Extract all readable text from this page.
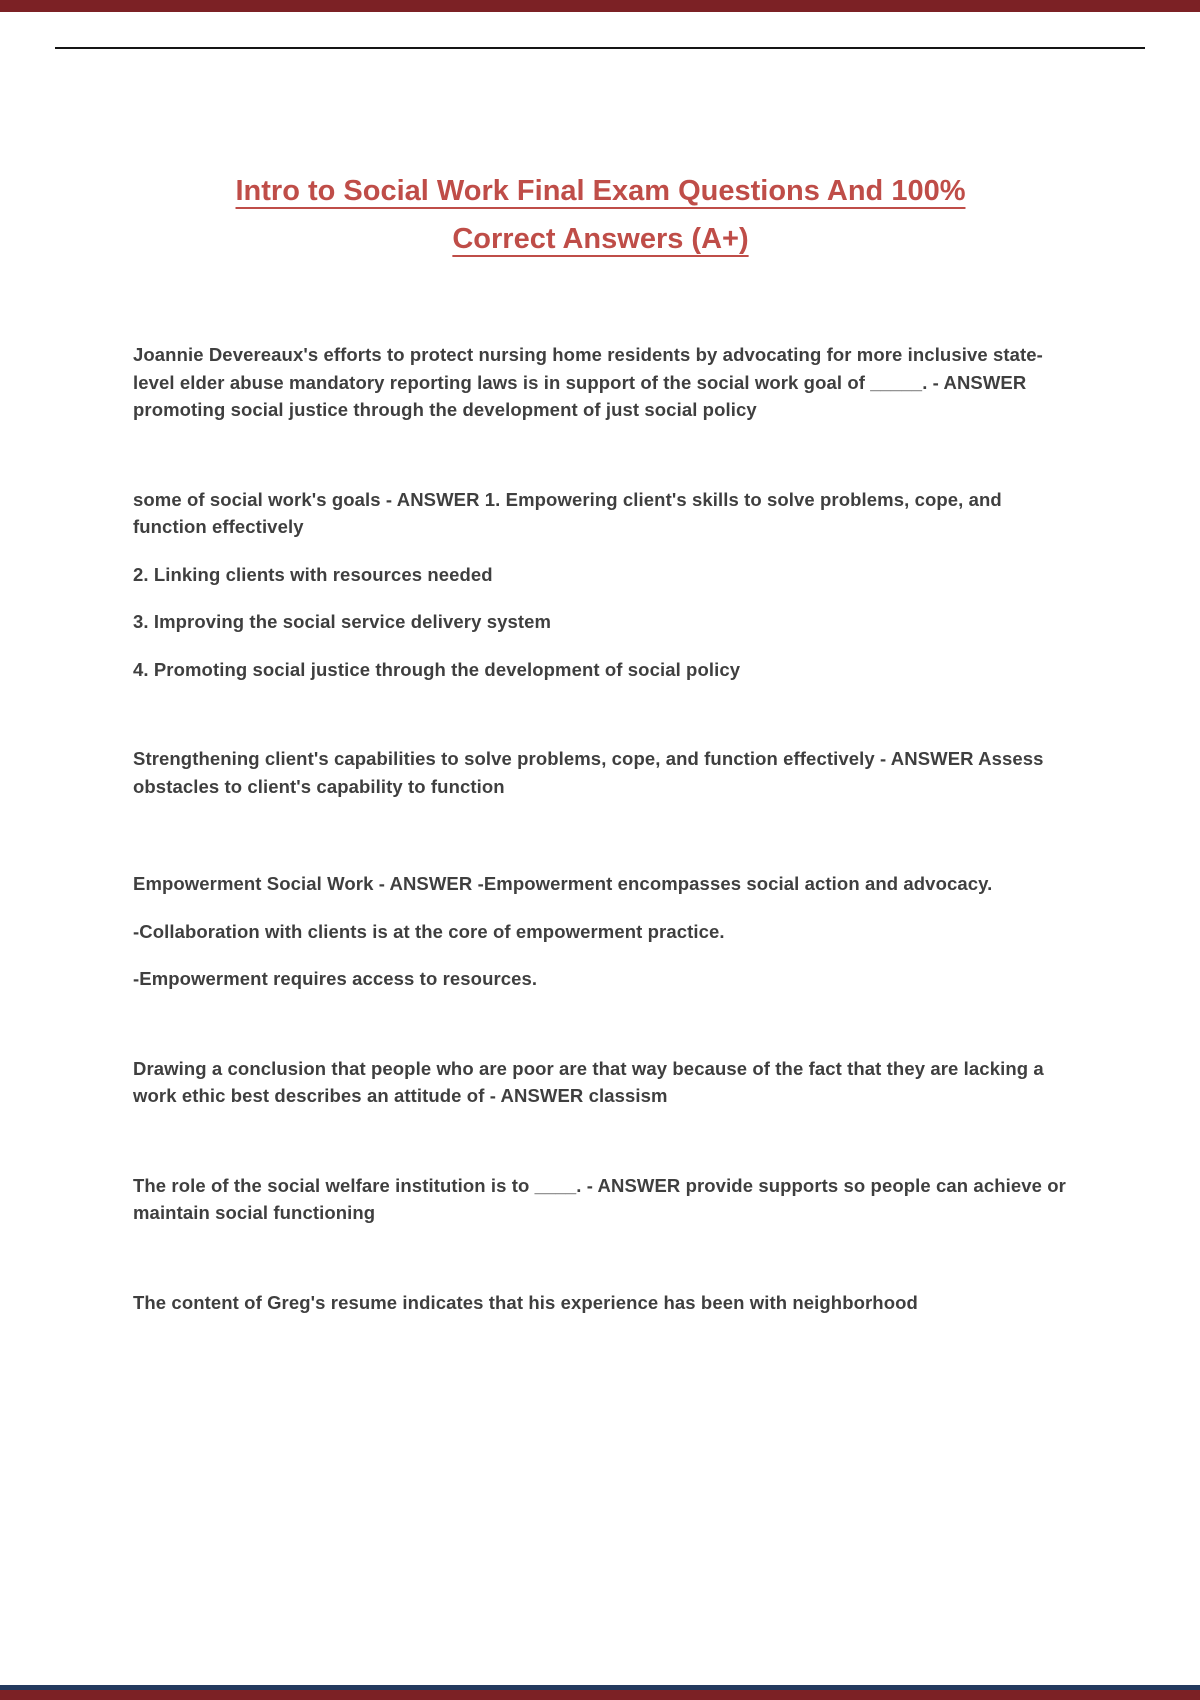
Intro to Social Work Final Exam Questions And 100%
Correct Answers (A+)

Joannie Devereaux's efforts to protect nursing home residents by advocating for more inclusive state-level elder abuse mandatory reporting laws is in support of the social work goal of _____. - ANSWER promoting social justice through the development of just social policy

some of social work's goals - ANSWER 1. Empowering client's skills to solve problems, cope, and function effectively

2. Linking clients with resources needed

3. Improving the social service delivery system

4. Promoting social justice through the development of social policy

Strengthening client's capabilities to solve problems, cope, and function effectively - ANSWER Assess obstacles to client's capability to function

Empowerment Social Work - ANSWER -Empowerment encompasses social action and advocacy.

-Collaboration with clients is at the core of empowerment practice.

-Empowerment requires access to resources.

Drawing a conclusion that people who are poor are that way because of the fact that they are lacking a work ethic best describes an attitude of - ANSWER classism

The role of the social welfare institution is to ____. - ANSWER provide supports so people can achieve or maintain social functioning

The content of Greg's resume indicates that his experience has been with neighborhood
